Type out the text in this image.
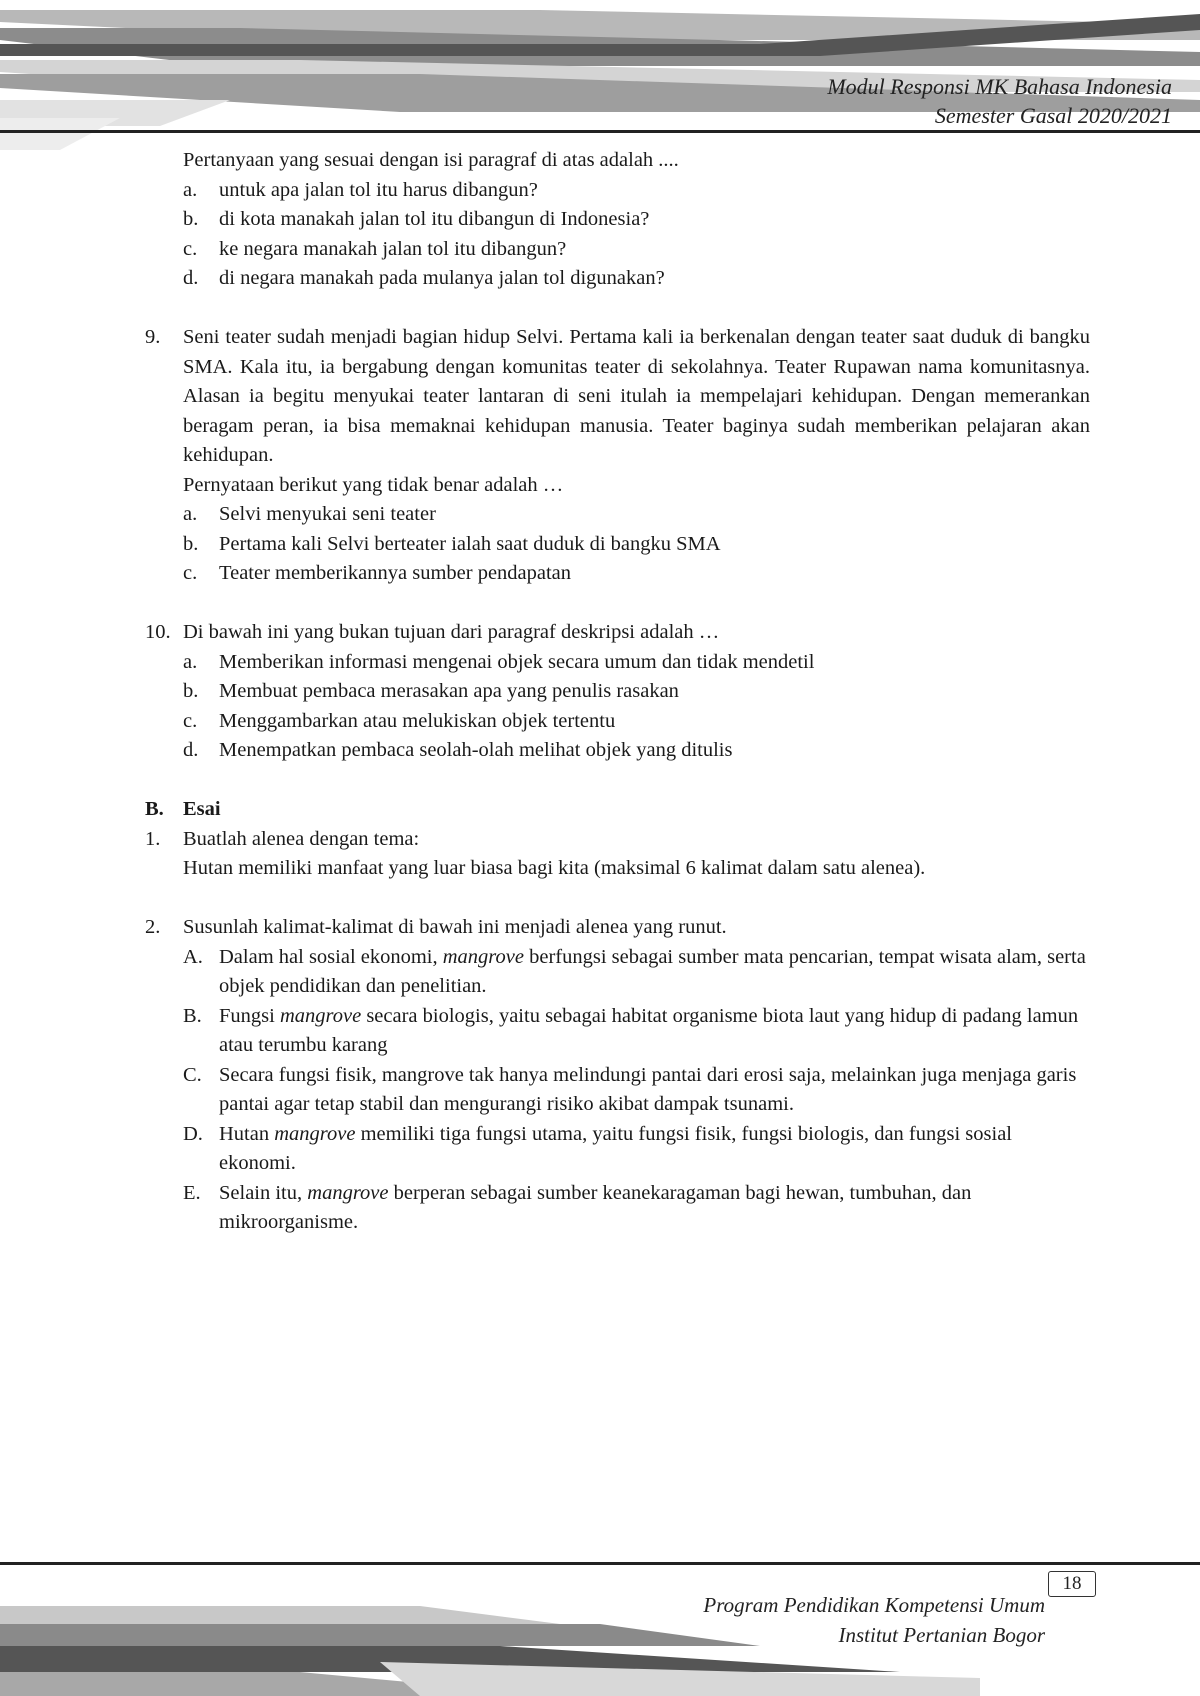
Modul Responsi MK Bahasa Indonesia
Semester Gasal 2020/2021
Pertanyaan yang sesuai dengan isi paragraf di atas adalah ....
a. untuk apa jalan tol itu harus dibangun?
b. di kota manakah jalan tol itu dibangun di Indonesia?
c. ke negara manakah jalan tol itu dibangun?
d. di negara manakah pada mulanya jalan tol digunakan?
9. Seni teater sudah menjadi bagian hidup Selvi. Pertama kali ia berkenalan dengan teater saat duduk di bangku SMA. Kala itu, ia bergabung dengan komunitas teater di sekolahnya. Teater Rupawan nama komunitasnya. Alasan ia begitu menyukai teater lantaran di seni itulah ia mempelajari kehidupan. Dengan memerankan beragam peran, ia bisa memaknai kehidupan manusia. Teater baginya sudah memberikan pelajaran akan kehidupan.
Pernyataan berikut yang tidak benar adalah …
a. Selvi menyukai seni teater
b. Pertama kali Selvi berteater ialah saat duduk di bangku SMA
c. Teater memberikannya sumber pendapatan
10. Di bawah ini yang bukan tujuan dari paragraf deskripsi adalah …
a. Memberikan informasi mengenai objek secara umum dan tidak mendetil
b. Membuat pembaca merasakan apa yang penulis rasakan
c. Menggambarkan atau melukiskan objek tertentu
d. Menempatkan pembaca seolah-olah melihat objek yang ditulis
B. Esai
1. Buatlah alenea dengan tema:
Hutan memiliki manfaat yang luar biasa bagi kita (maksimal 6 kalimat dalam satu alenea).
2. Susunlah kalimat-kalimat di bawah ini menjadi alenea yang runut.
A. Dalam hal sosial ekonomi, mangrove berfungsi sebagai sumber mata pencarian, tempat wisata alam, serta objek pendidikan dan penelitian.
B. Fungsi mangrove secara biologis, yaitu sebagai habitat organisme biota laut yang hidup di padang lamun atau terumbu karang
C. Secara fungsi fisik, mangrove tak hanya melindungi pantai dari erosi saja, melainkan juga menjaga garis pantai agar tetap stabil dan mengurangi risiko akibat dampak tsunami.
D. Hutan mangrove memiliki tiga fungsi utama, yaitu fungsi fisik, fungsi biologis, dan fungsi sosial ekonomi.
E. Selain itu, mangrove berperan sebagai sumber keanekaragaman bagi hewan, tumbuhan, dan mikroorganisme.
18
Program Pendidikan Kompetensi Umum
Institut Pertanian Bogor
